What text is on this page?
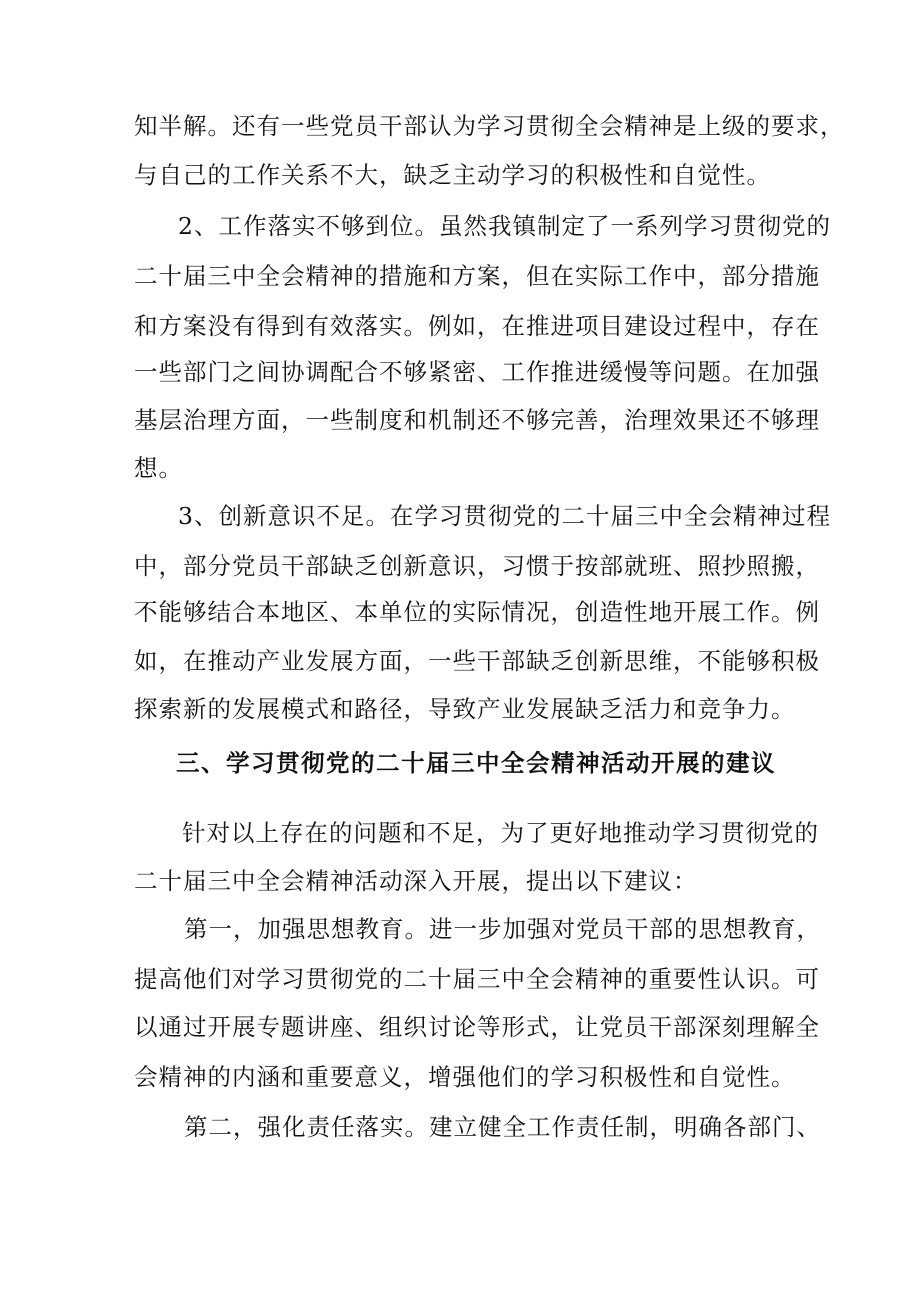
知半解。还有一些党员干部认为学习贯彻全会精神是上级的要求，
与自己的工作关系不大，缺乏主动学习的积极性和自觉性。
2、工作落实不够到位。虽然我镇制定了一系列学习贯彻党的
二十届三中全会精神的措施和方案，但在实际工作中，部分措施
和方案没有得到有效落实。例如，在推进项目建设过程中，存在
一些部门之间协调配合不够紧密、工作推进缓慢等问题。在加强
基层治理方面，一些制度和机制还不够完善，治理效果还不够理
想。
3、创新意识不足。在学习贯彻党的二十届三中全会精神过程
中，部分党员干部缺乏创新意识，习惯于按部就班、照抄照搬，
不能够结合本地区、本单位的实际情况，创造性地开展工作。例
如，在推动产业发展方面，一些干部缺乏创新思维，不能够积极
探索新的发展模式和路径，导致产业发展缺乏活力和竞争力。
三、学习贯彻党的二十届三中全会精神活动开展的建议
针对以上存在的问题和不足，为了更好地推动学习贯彻党的
二十届三中全会精神活动深入开展，提出以下建议：
第一，加强思想教育。进一步加强对党员干部的思想教育，
提高他们对学习贯彻党的二十届三中全会精神的重要性认识。可
以通过开展专题讲座、组织讨论等形式，让党员干部深刻理解全
会精神的内涵和重要意义，增强他们的学习积极性和自觉性。
第二，强化责任落实。建立健全工作责任制，明确各部门、
